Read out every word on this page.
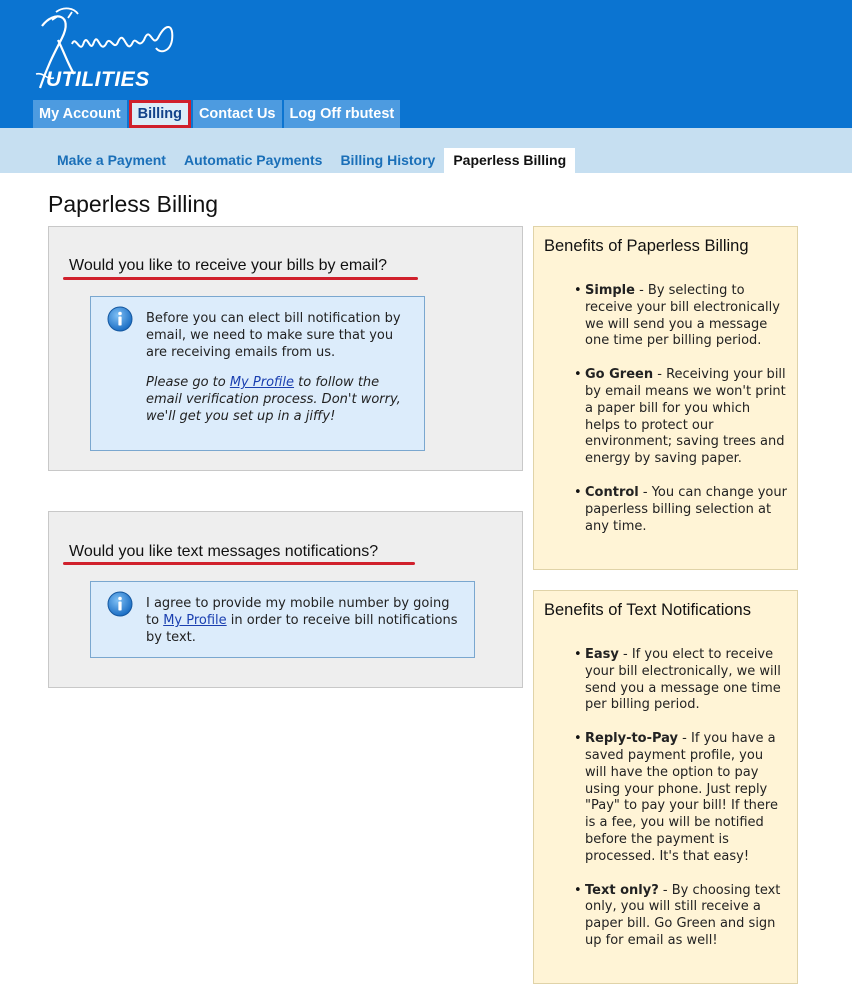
UTILITIES
My Account	Billing	Contact Us Log Off rbutest
Make a Payment	Automatic Payments	Billing History	Paperless Billing
Paperless Billing
Would you like to receive your bills by email?

Before you can elect bill notification by email, we need to make sure that you are receiving emails from us.

Please go to My Profile to follow the email verification process. Don't worry, we'll get you set up in a jiffy!

Would you like text messages notifications?

I agree to provide my mobile number by going to My Profile in order to receive bill notifications by text.

Benefits of Paperless Billing
• Simple - By selecting to receive your bill electronically we will send you a message one time per billing period.
• Go Green - Receiving your bill by email means we won't print a paper bill for you which helps to protect our environment; saving trees and energy by saving paper.
• Control - You can change your paperless billing selection at any time.
Benefits of Text Notifications
• Easy - If you elect to receive your bill electronically, we will send you a message one time per billing period.
• Reply-to-Pay - If you have a saved payment profile, you will have the option to pay using your phone. Just reply "Pay" to pay your bill! If there is a fee, you will be notified before the payment is processed. It's that easy!
• Text only? - By choosing text only, you will still receive a paper bill. Go Green and sign up for email as well!
